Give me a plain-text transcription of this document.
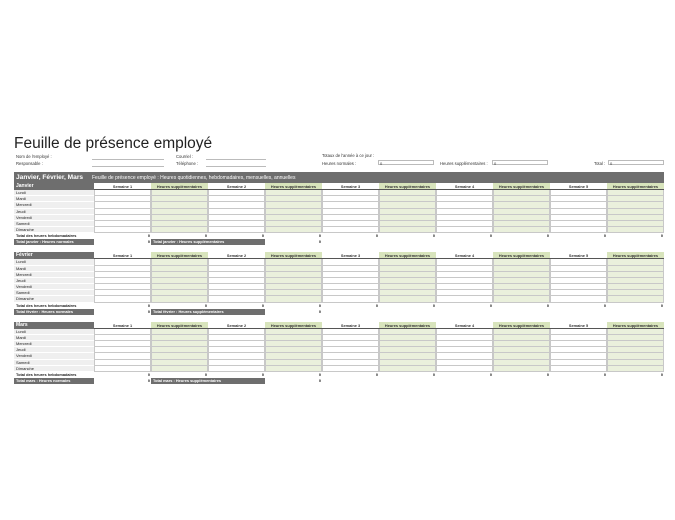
Feuille de présence employé
Nom de l'employé :
Responsable :
Courriel :
Téléphone :
Totaux de l'année à ce jour :
Heures normales :	0	Heures supplémentaires :	0	Total :	0
Janvier, Février, Mars	Feuille de présence employé : Heures quotidiennes, hebdomadaires, mensuelles, annuelles
Janvier	Semaine 1	Heures supplémentaires	Semaine 2	Heures supplémentaires	Semaine 3	Heures supplémentaires	Semaine 4	Heures supplémentaires	Semaine 5	Heures supplémentaires
Lundi
Mardi
Mercredi
Jeudi
Vendredi
Samedi
Dimanche
Total des heures hebdomadaires	0	0	0	0	0	0	0	0	0	0
Total janvier : Heures normales	0 Total janvier : Heures supplémentaires	0
Février	Semaine 1	Heures supplémentaires	Semaine 2	Heures supplémentaires	Semaine 3	Heures supplémentaires	Semaine 4	Heures supplémentaires	Semaine 5	Heures supplémentaires
Lundi
Mardi
Mercredi
Jeudi
Vendredi
Samedi
Dimanche
Total des heures hebdomadaires	0	0	0	0	0	0	0	0	0	0
Total février : Heures normales	0 Total février : Heures supplémentaires	0
Mars	Semaine 1	Heures supplémentaires	Semaine 2	Heures supplémentaires	Semaine 3	Heures supplémentaires	Semaine 4	Heures supplémentaires	Semaine 5	Heures supplémentaires
Lundi
Mardi
Mercredi
Jeudi
Vendredi
Samedi
Dimanche
Total des heures hebdomadaires	0	0	0	0	0	0	0	0	0	0
Total mars : Heures normales	0 Total mars : Heures supplémentaires	0
